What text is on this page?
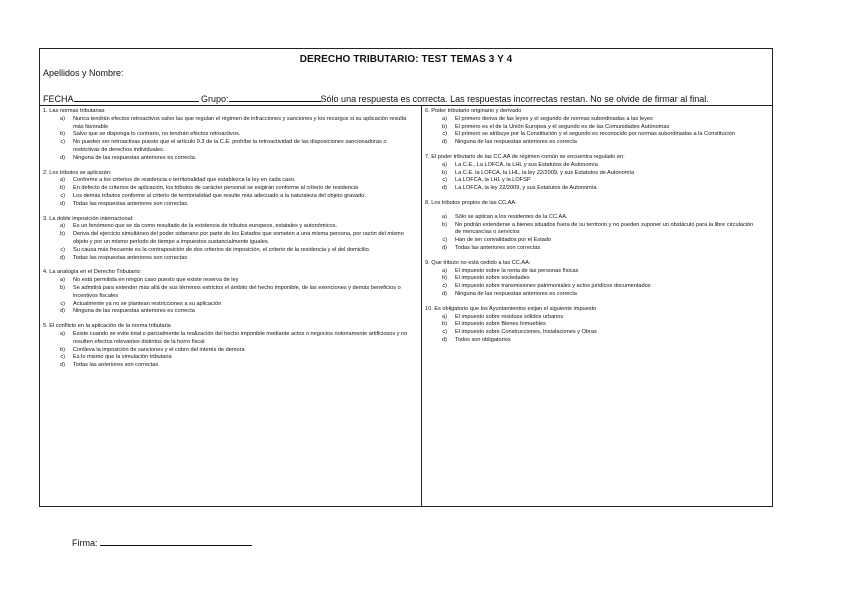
DERECHO TRIBUTARIO: TEST TEMAS 3 Y 4
Apellidos y Nombre:
FECHA	Grupo:	Sólo una respuesta es correcta. Las respuestas incorrectas restan. No se olvide de firmar al final.

1. Las normas tributarias

a)	Nunca tendrán efectos retroactivos salvo las que regulan el régimen de infracciones y sanciones y los recargos si su aplicación resulta más favorable
b)	Salvo que se disponga lo contrario, no tendrán efectos retroactivos.
c)	No pueden ser retroactivas puesto que el artículo 9.3 de la C.E. prohíbe la retroactividad de las disposiciones sancionadoras o restrictivas de derechos individuales.
d)	Ninguna de las respuestas anteriores es correcta.

2. Los tributos se aplicarán:

a)	Conforme a los criterios de residencia o territorialidad que establezca la ley en cada caso.
b)	En defecto de criterios de aplicación, los tributos de carácter personal se exigirán conforme al criterio de residencia
c)	Los demás tributos conforme al criterio de territorialidad que resulte más adecuado a la naturaleza del objeto gravado.
d)	Todas las respuestas anteriores son correctas.

3. La doble imposición internacional:

a)	Es un fenómeno que se da como resultado de la existencia de tributos europeos, estatales y autonómicos.
b)	Deriva del ejercicio simultáneo del poder soberano por parte de los Estados que someten a una misma persona, por razón del mismo objeto y por un mismo período de tiempo a impuestos sustancialmente iguales.
c)	Su causa más frecuente es la contraposición de dos criterios de imposición, el criterio de la residencia y el del domicilio.
d)	Todas las respuestas anteriores son correctas

4. La analogía en el Derecho Tributario:

a)	No está permitida en ningún caso puesto que existe reserva de ley
b)	Se admitirá para extender más allá de sus términos estrictos el ámbito del hecho imponible, de las exenciones y demás beneficios o incentivos fiscales
c)	Actualmente ya no se plantean restricciones a su aplicación
d)	Ninguna de las respuestas anteriores es correcta

5. El conflicto en la aplicación de la norma tributaria

a)	Existe cuando se evite total o parcialmente la realización del hecho imponible mediante actos o negocios notoriamente artificiosos y no resulten efectos relevantes distintos de la horro fiscal
b)	Conlleva la imposición de sanciones y el cobro del interés de demora
c)	Es lo mismo que la simulación tributaria
d)	Todas las anteriores son correctas

6. Poder tributario originario y derivado

a)	El primero deriva de las leyes y el segundo de normas subordinadas a las leyes
b)	El primero es el de la Unión Europea y el segundo es de las Comunidades Autónomas
c)	El primero se atribuye por la Constitución y el segundo es reconocido por normas subordinadas a la Constitución
d)	Ninguna de las respuestas anteriores es correcta

7. El poder tributario de las CC.AA de régimen común se encuentra regulado en:

a)	La C.E., La LOFCA, la LHL y sus Estatutos de Autonomía
b)	La C.E. la LOFCA, la LHL, la ley 22/2009, y sus Estatutos de Autonomía
c)	La LOFCA, la LHL y la LOFSP
d)	La LOFCA, la ley 22/2009, y sus Estatutos de Autonomía

8. Los tributos propios de las CC.AA.

a)	Sólo se aplican a los residentes de la CC.AA.
b)	No podrán extenderse a bienes situados fuera de su territorio y no pueden suponer un obstáculo para la libre circulación de mercancías o servicios
c)	Han de ser convalidados por el Estado
d)	Todas las anteriores son correctas

9. Que tributo no está cedido a las CC.AA:

a)	El impuesto sobre la renta de las personas físicas
b)	El impuesto sobre sociedades
c)	El impuesto sobre transmisiones patrimoniales y actos jurídicos documentados
d)	Ninguna de las respuestas anteriores es correcta

10. Es obligatorio que los Ayuntamientos exijan el siguiente impuesto

a)	El impuesto sobre residuos sólidos urbanos
b)	El impuesto sobre Bienes Inmuebles
c)	El impuesto sobre Construcciones, Instalaciones y Obras
d)	Todos son obligatorios
Firma:
